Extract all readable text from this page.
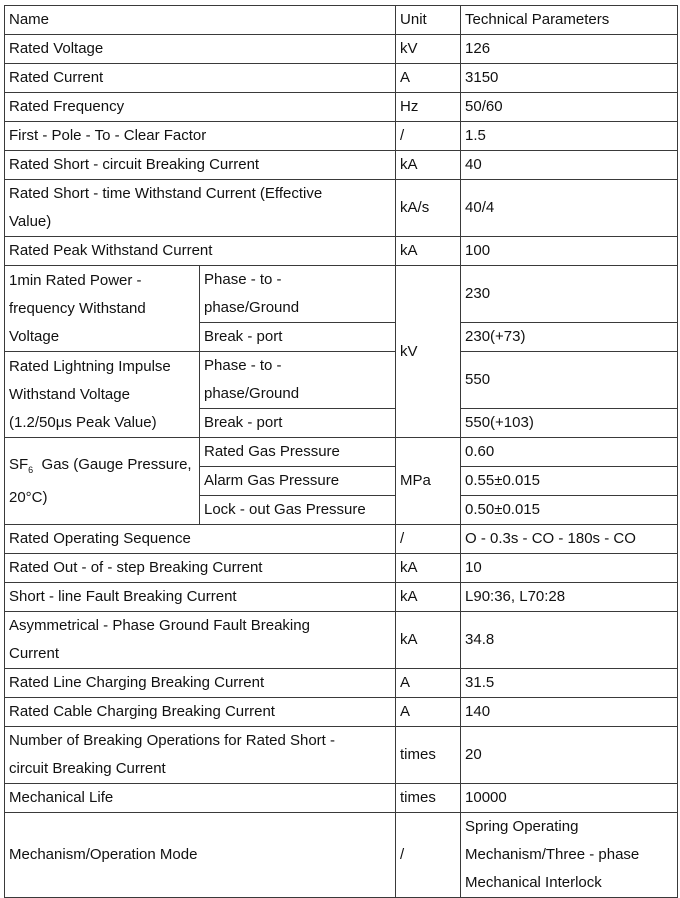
Name		Unit	Technical Parameters
Rated Voltage		kV	126
Rated Current		A	3150
Rated Frequency		Hz	50/60
First - Pole - To - Clear Factor		/	1.5
Rated Short - circuit Breaking Current		kA	40
Rated Short - time Withstand Current (Effective Value)		kA/s	40/4
Rated Peak Withstand Current		kA	100
1min Rated Power - frequency Withstand Voltage	Phase - to - phase/Ground	kV	230
	Break - port		230(+73)
Rated Lightning Impulse Withstand Voltage (1.2/50μs Peak Value)	Phase - to - phase/Ground		550
	Break - port		550(+103)
$SF_6$  Gas (Gauge Pressure, 20°C)	Rated Gas Pressure	MPa	0.60
	Alarm Gas Pressure		0.55±0.015
	Lock - out Gas Pressure		0.50±0.015
Rated Operating Sequence		/	O - 0.3s - CO - 180s - CO
Rated Out - of - step Breaking Current		kA	10
Short - line Fault Breaking Current		kA	L90:36, L70:28
Asymmetrical - Phase Ground Fault Breaking Current		kA	34.8
Rated Line Charging Breaking Current		A	31.5
Rated Cable Charging Breaking Current		A	140
Number of Breaking Operations for Rated Short - circuit Breaking Current		times	20
Mechanical Life		times	10000
Mechanism/Operation Mode		/	Spring Operating Mechanism/Three - phase Mechanical Interlock
